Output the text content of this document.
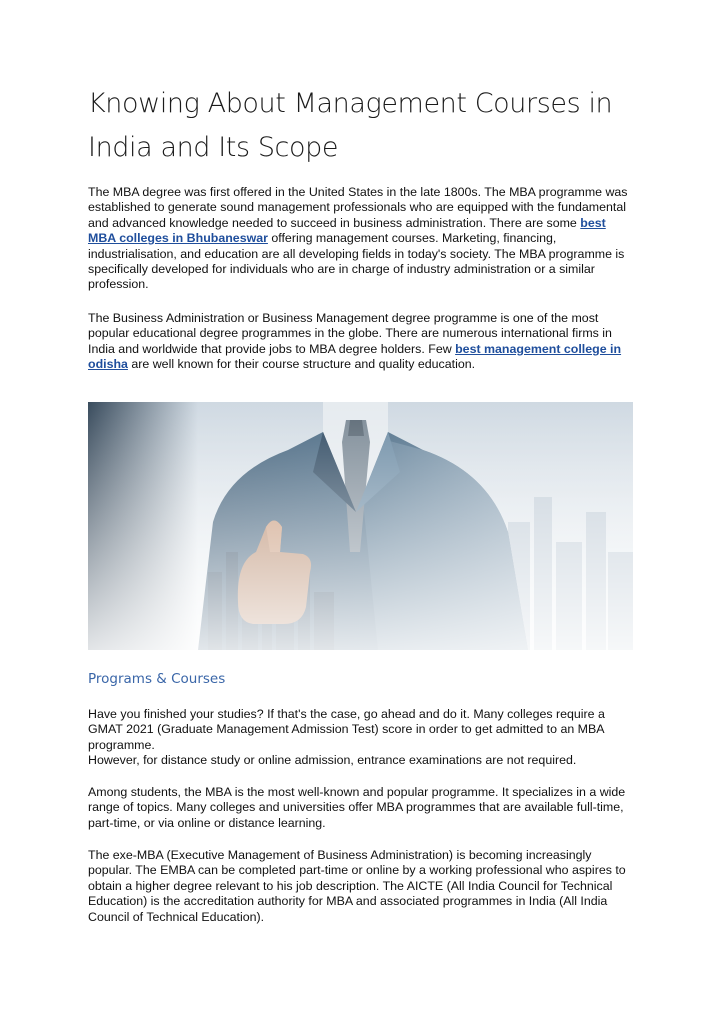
Knowing About Management Courses in India and Its Scope

The MBA degree was first offered in the United States in the late 1800s. The MBA programme was established to generate sound management professionals who are equipped with the fundamental and advanced knowledge needed to succeed in business administration. There are some best MBA colleges in Bhubaneswar offering management courses. Marketing, financing, industrialisation, and education are all developing fields in today's society. The MBA programme is specifically developed for individuals who are in charge of industry administration or a similar profession.

The Business Administration or Business Management degree programme is one of the most popular educational degree programmes in the globe. There are numerous international firms in India and worldwide that provide jobs to MBA degree holders. Few best management college in odisha are well known for their course structure and quality education.

Programs & Courses

Have you finished your studies? If that's the case, go ahead and do it. Many colleges require a GMAT 2021 (Graduate Management Admission Test) score in order to get admitted to an MBA programme.
However, for distance study or online admission, entrance examinations are not required.

Among students, the MBA is the most well-known and popular programme. It specializes in a wide range of topics. Many colleges and universities offer MBA programmes that are available full-time, part-time, or via online or distance learning.

The exe-MBA (Executive Management of Business Administration) is becoming increasingly popular. The EMBA can be completed part-time or online by a working professional who aspires to obtain a higher degree relevant to his job description. The AICTE (All India Council for Technical Education) is the accreditation authority for MBA and associated programmes in India (All India Council of Technical Education).
